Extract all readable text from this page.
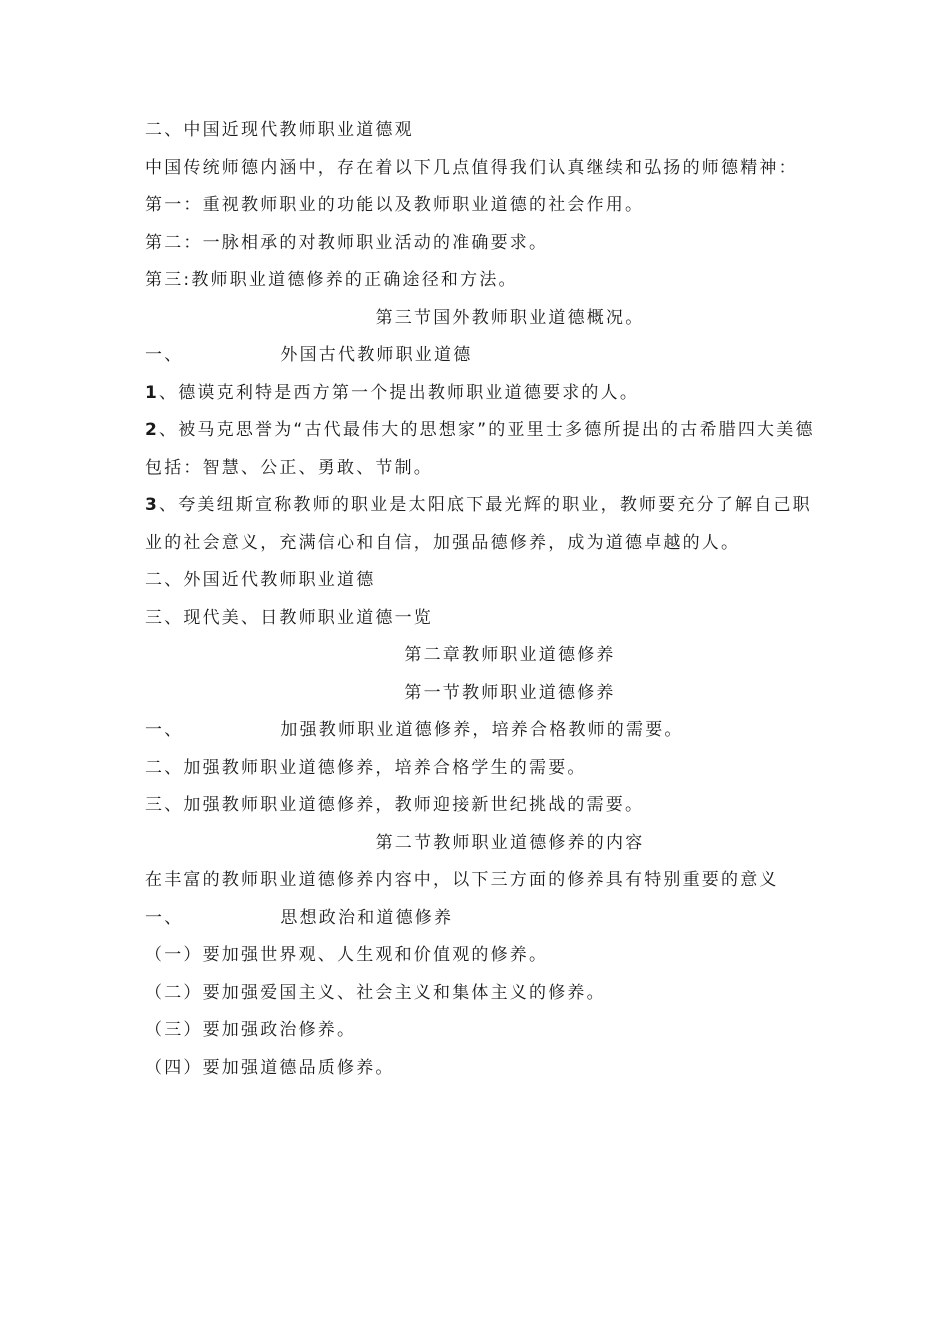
二、中国近现代教师职业道德观
中国传统师德内涵中，存在着以下几点值得我们认真继续和弘扬的师德精神：
第一：重视教师职业的功能以及教师职业道德的社会作用。
第二：一脉相承的对教师职业活动的准确要求。
第三:教师职业道德修养的正确途径和方法。
第三节国外教师职业道德概况。
一、	外国古代教师职业道德
1、德谟克利特是西方第一个提出教师职业道德要求的人。
2、被马克思誉为“古代最伟大的思想家”的亚里士多德所提出的古希腊四大美德包括：智慧、公正、勇敢、节制。
3、夸美纽斯宣称教师的职业是太阳底下最光辉的职业，教师要充分了解自己职业的社会意义，充满信心和自信，加强品德修养，成为道德卓越的人。
二、外国近代教师职业道德
三、现代美、日教师职业道德一览
第二章教师职业道德修养
第一节教师职业道德修养
一、	加强教师职业道德修养，培养合格教师的需要。
二、加强教师职业道德修养，培养合格学生的需要。
三、加强教师职业道德修养，教师迎接新世纪挑战的需要。
第二节教师职业道德修养的内容
在丰富的教师职业道德修养内容中，以下三方面的修养具有特别重要的意义
一、	思想政治和道德修养
（一）要加强世界观、人生观和价值观的修养。
（二）要加强爱国主义、社会主义和集体主义的修养。
（三）要加强政治修养。
（四）要加强道德品质修养。
